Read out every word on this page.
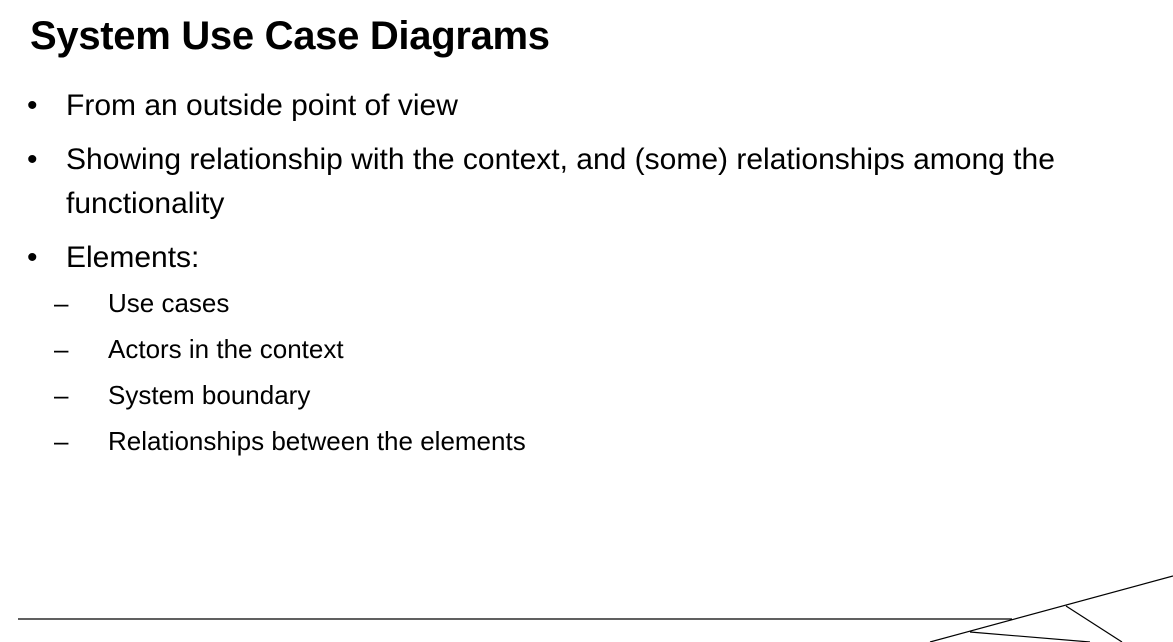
System Use Case Diagrams
• From an outside point of view
• Showing relationship with the context, and (some) relationships among the functionality
• Elements:
– Use cases
– Actors in the context
– System boundary
– Relationships between the elements
